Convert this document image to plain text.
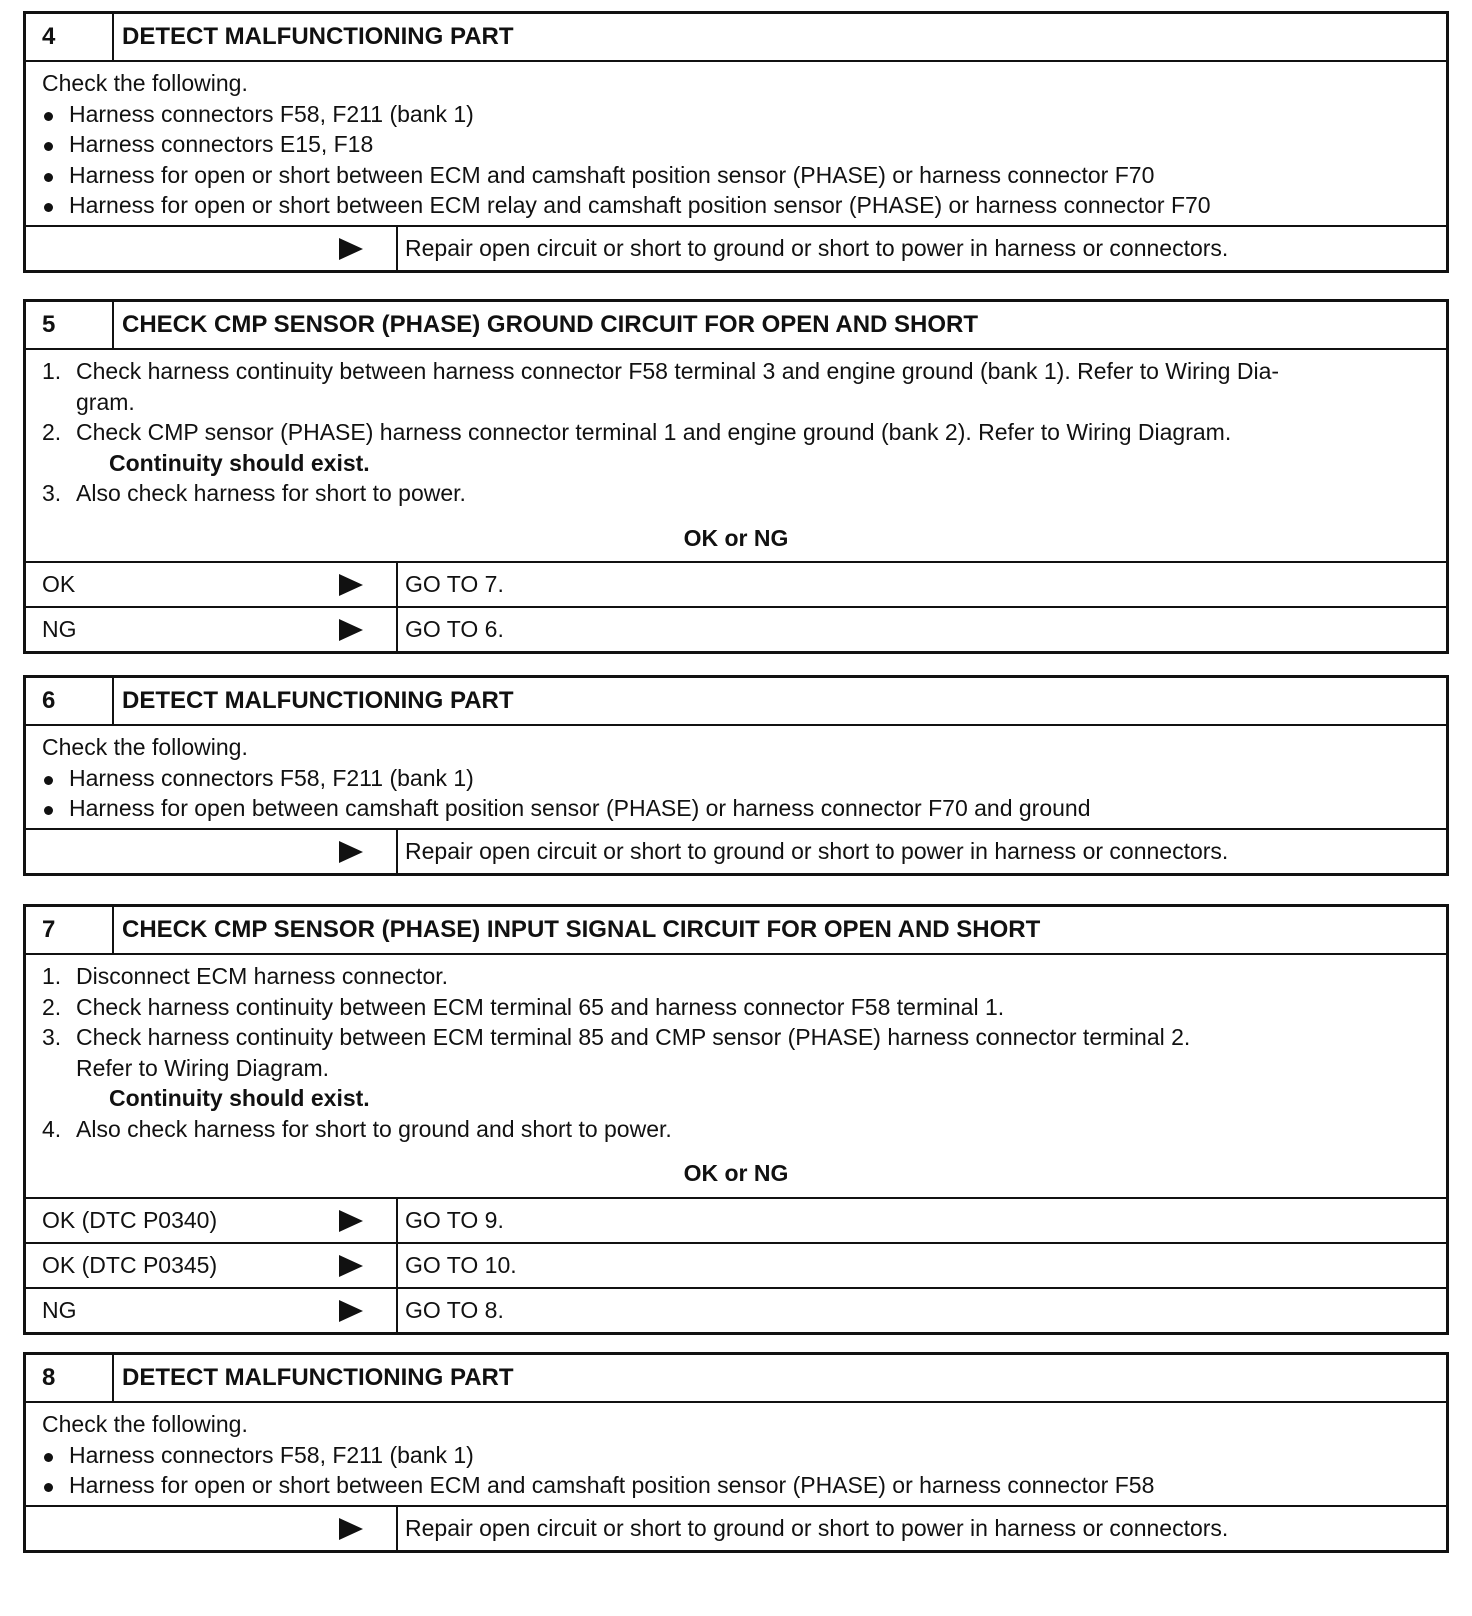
4	DETECT MALFUNCTIONING PART
Check the following.
Harness connectors F58, F211 (bank 1)
Harness connectors E15, F18
Harness for open or short between ECM and camshaft position sensor (PHASE) or harness connector F70
Harness for open or short between ECM relay and camshaft position sensor (PHASE) or harness connector F70
Repair open circuit or short to ground or short to power in harness or connectors.
5	CHECK CMP SENSOR (PHASE) GROUND CIRCUIT FOR OPEN AND SHORT
1. Check harness continuity between harness connector F58 terminal 3 and engine ground (bank 1). Refer to Wiring Dia-
gram.
2. Check CMP sensor (PHASE) harness connector terminal 1 and engine ground (bank 2). Refer to Wiring Diagram.
Continuity should exist.
3. Also check harness for short to power.
OK or NG
OK	GO TO 7.
NG	GO TO 6.
6	DETECT MALFUNCTIONING PART
Check the following.
Harness connectors F58, F211 (bank 1)
Harness for open between camshaft position sensor (PHASE) or harness connector F70 and ground
Repair open circuit or short to ground or short to power in harness or connectors.
7	CHECK CMP SENSOR (PHASE) INPUT SIGNAL CIRCUIT FOR OPEN AND SHORT
1. Disconnect ECM harness connector.
2. Check harness continuity between ECM terminal 65 and harness connector F58 terminal 1.
3. Check harness continuity between ECM terminal 85 and CMP sensor (PHASE) harness connector terminal 2.
Refer to Wiring Diagram.
Continuity should exist.
4. Also check harness for short to ground and short to power.
OK or NG
OK (DTC P0340)	GO TO 9.
OK (DTC P0345)	GO TO 10.
NG	GO TO 8.
8	DETECT MALFUNCTIONING PART
Check the following.
Harness connectors F58, F211 (bank 1)
Harness for open or short between ECM and camshaft position sensor (PHASE) or harness connector F58
Repair open circuit or short to ground or short to power in harness or connectors.
